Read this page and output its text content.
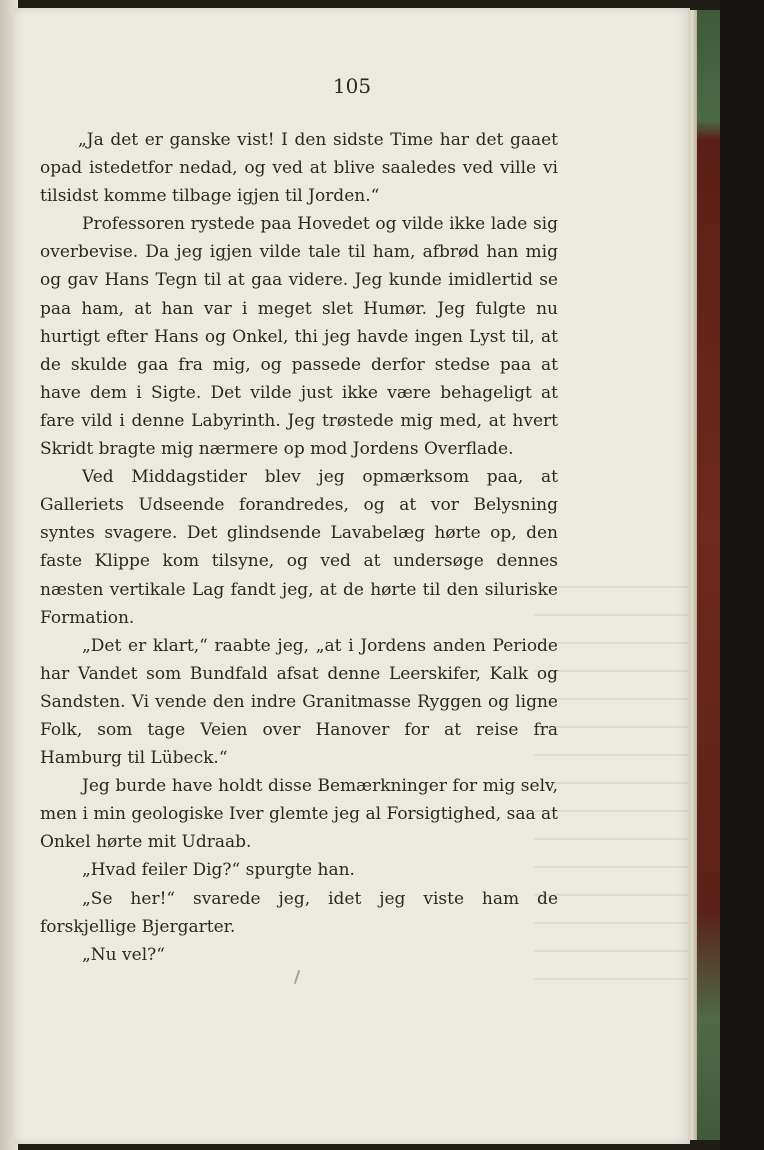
105

„Ja det er ganske vist! I den sidste Time har det gaaet opad istedetfor nedad, og ved at blive saaledes ved ville vi tilsidst komme tilbage igjen til Jorden.“

Professoren rystede paa Hovedet og vilde ikke lade sig overbevise. Da jeg igjen vilde tale til ham, afbrød han mig og gav Hans Tegn til at gaa videre. Jeg kunde imidlertid se paa ham, at han var i meget slet Humør. Jeg fulgte nu hurtigt efter Hans og Onkel, thi jeg havde ingen Lyst til, at de skulde gaa fra mig, og passede derfor stedse paa at have dem i Sigte. Det vilde just ikke være behageligt at fare vild i denne Labyrinth. Jeg trøstede mig med, at hvert Skridt bragte mig nærmere op mod Jordens Overflade.

Ved Middagstider blev jeg opmærksom paa, at Galleriets Udseende forandredes, og at vor Belysning syntes svagere. Det glindsende Lavabelæg hørte op, den faste Klippe kom tilsyne, og ved at undersøge dennes næsten vertikale Lag fandt jeg, at de hørte til den siluriske Formation.

„Det er klart,“ raabte jeg, „at i Jordens anden Periode har Vandet som Bundfald afsat denne Leerskifer, Kalk og Sandsten. Vi vende den indre Granitmasse Ryggen og ligne Folk, som tage Veien over Hanover for at reise fra Hamburg til Lübeck.“

Jeg burde have holdt disse Bemærkninger for mig selv, men i min geologiske Iver glemte jeg al Forsigtighed, saa at Onkel hørte mit Udraab.

„Hvad feiler Dig?“ spurgte han.

„Se her!“ svarede jeg, idet jeg viste ham de forskjellige Bjergarter.

„Nu vel?“
